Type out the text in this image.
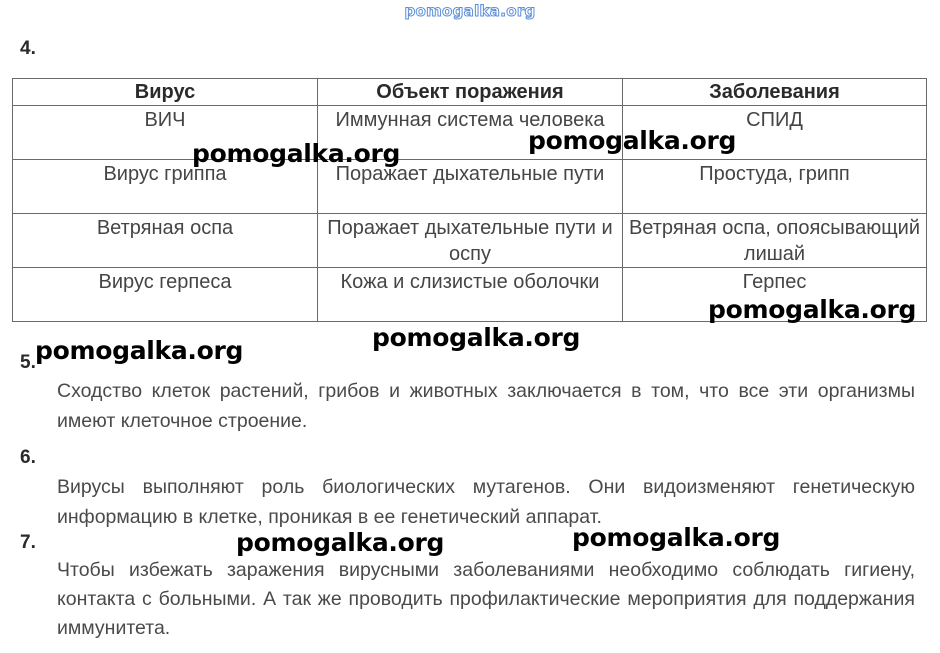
pomogalka.org
4.
Вирус	Объект поражения	Заболевания
ВИЧ	Иммунная система человека	СПИД
Вирус гриппа	Поражает дыхательные пути	Простуда, грипп
Ветряная оспа	Поражает дыхательные пути и оспу	Ветряная оспа, опоясывающий лишай
Вирус герпеса	Кожа и слизистые оболочки	Герпес
5.
Сходство клеток растений, грибов и животных заключается в том, что все эти организмы имеют клеточное строение.
6.
Вирусы выполняют роль биологических мутагенов. Они видоизменяют генетическую информацию в клетке, проникая в ее генетический аппарат.
7.
Чтобы избежать заражения вирусными заболеваниями необходимо соблюдать гигиену, контакта с больными. А так же проводить профилактические мероприятия для поддержания иммунитета.
pomogalka.org	pomogalka.org
pomogalka.org
pomogalka.org
pomogalka.org
pomogalka.org	pomogalka.org
